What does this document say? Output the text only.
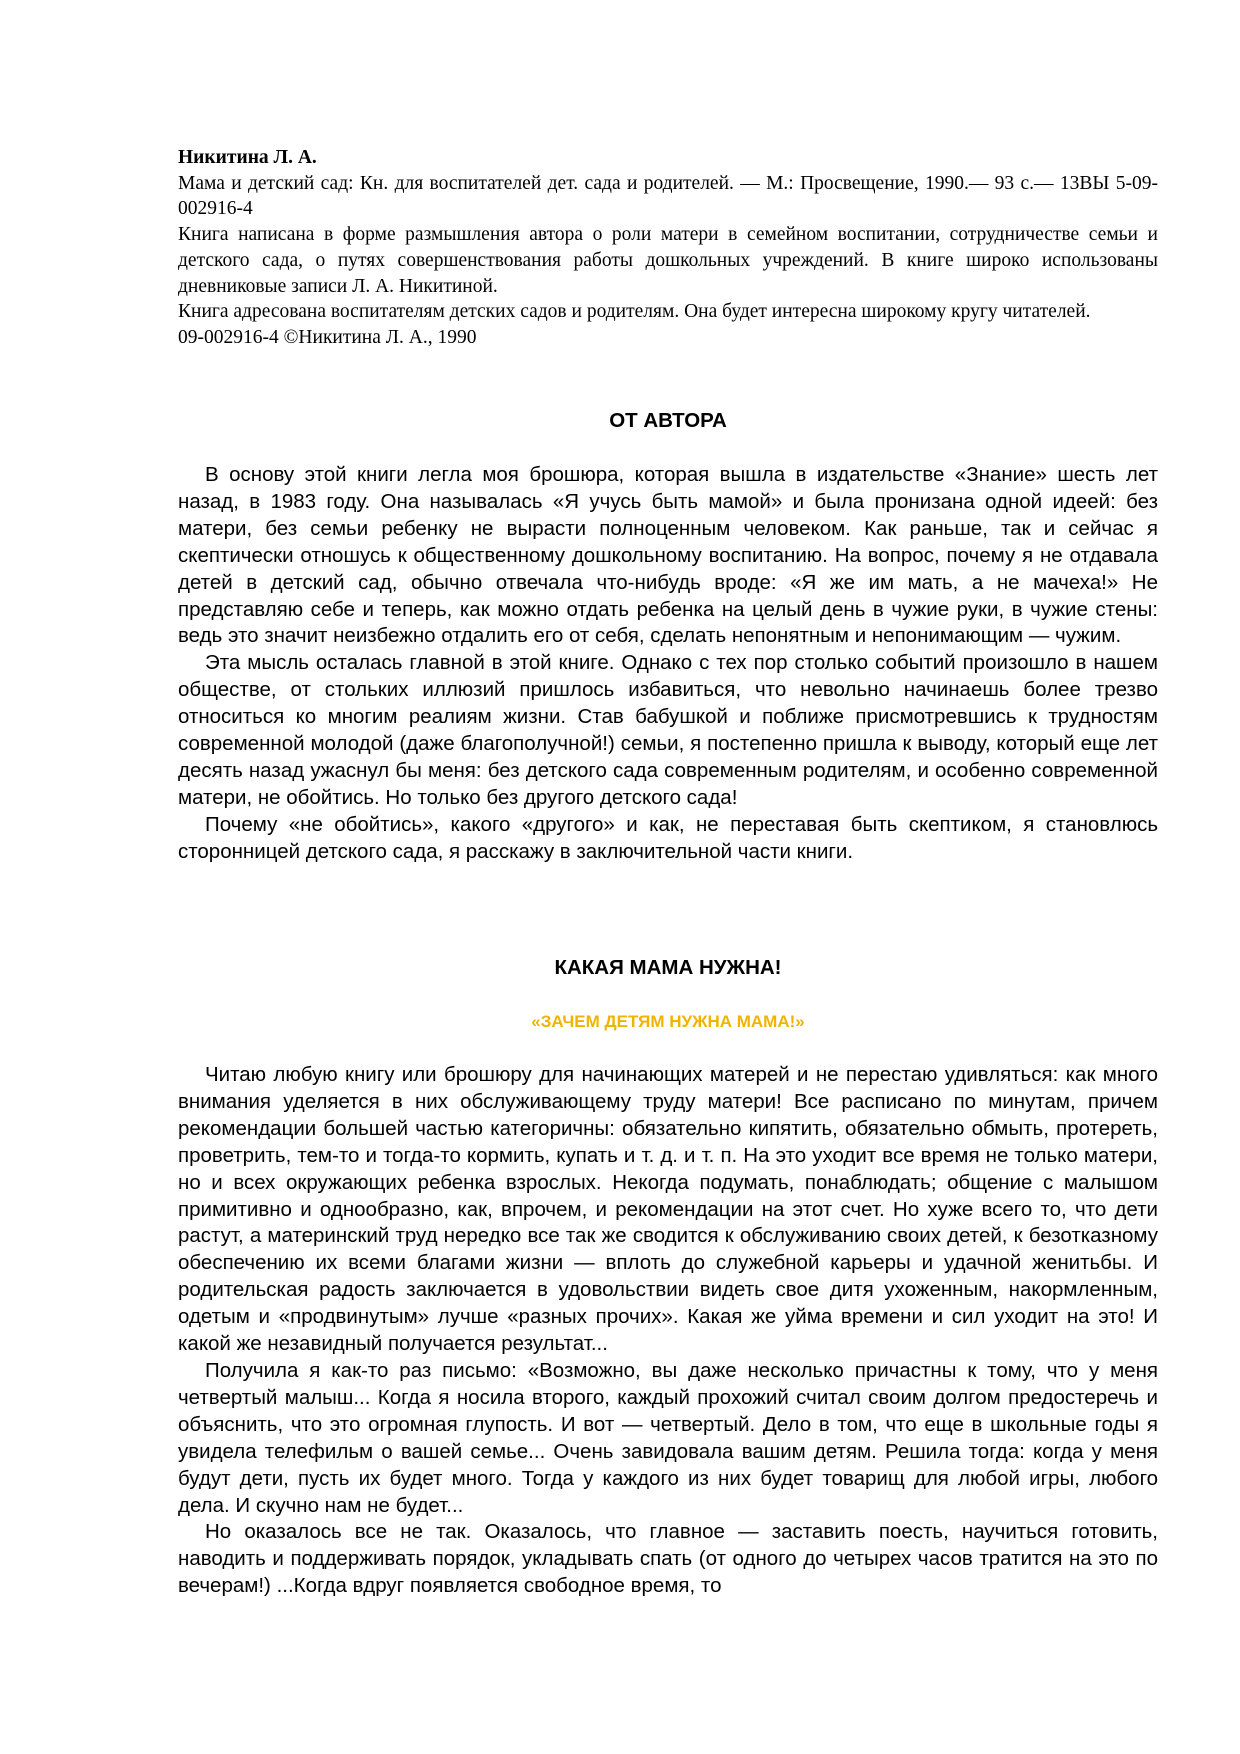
Никитина Л. А.

Мама и детский сад: Кн. для воспитателей дет. сада и родителей. — М.: Просвещение, 1990.— 93 с.— 13ВЫ 5-09-002916-4

Книга написана в форме размышления автора о роли матери в семейном воспитании, сотрудничестве семьи и детского сада, о путях совершенствования работы дошкольных учреждений. В книге широко использованы дневниковые записи Л. А. Никитиной.

Книга адресована воспитателям детских садов и родителям. Она будет интересна широкому кругу читателей.

09-002916-4 ©Никитина Л. А., 1990

ОТ АВТОРА

В основу этой книги легла моя брошюра, которая вышла в издательстве «Знание» шесть лет назад, в 1983 году. Она называлась «Я учусь быть мамой» и была пронизана одной идеей: без матери, без семьи ребенку не вырасти полноценным человеком. Как раньше, так и сейчас я скептически отношусь к общественному дошкольному воспитанию. На вопрос, почему я не отдавала детей в детский сад, обычно отвечала что-нибудь вроде: «Я же им мать, а не мачеха!» Не представляю себе и теперь, как можно отдать ребенка на целый день в чужие руки, в чужие стены: ведь это значит неизбежно отдалить его от себя, сделать непонятным и непонимающим — чужим.

Эта мысль осталась главной в этой книге. Однако с тех пор столько событий произошло в нашем обществе, от стольких иллюзий пришлось избавиться, что невольно начинаешь более трезво относиться ко многим реалиям жизни. Став бабушкой и поближе присмотревшись к трудностям современной молодой (даже благополучной!) семьи, я постепенно пришла к выводу, который еще лет десять назад ужаснул бы меня: без детского сада современным родителям, и особенно современной матери, не обойтись. Но только без другого детского сада!

Почему «не обойтись», какого «другого» и как, не переставая быть скептиком, я становлюсь сторонницей детского сада, я расскажу в заключительной части книги.

КАКАЯ МАМА НУЖНА!
«ЗАЧЕМ ДЕТЯМ НУЖНА МАМА!»

Читаю любую книгу или брошюру для начинающих матерей и не перестаю удивляться: как много внимания уделяется в них обслуживающему труду матери! Все расписано по минутам, причем рекомендации большей частью категоричны: обязательно кипятить, обязательно обмыть, протереть, проветрить, тем-то и тогда-то кормить, купать и т. д. и т. п. На это уходит все время не только матери, но и всех окружающих ребенка взрослых. Некогда подумать, понаблюдать; общение с малышом примитивно и однообразно, как, впрочем, и рекомендации на этот счет. Но хуже всего то, что дети растут, а материнский труд нередко все так же сводится к обслуживанию своих детей, к безотказному обеспечению их всеми благами жизни — вплоть до служебной карьеры и удачной женитьбы. И родительская радость заключается в удовольствии видеть свое дитя ухоженным, накормленным, одетым и «продвинутым» лучше «разных прочих». Какая же уйма времени и сил уходит на это! И какой же незавидный получается результат...

Получила я как-то раз письмо: «Возможно, вы даже несколько причастны к тому, что у меня четвертый малыш... Когда я носила второго, каждый прохожий считал своим долгом предостеречь и объяснить, что это огромная глупость. И вот — четвертый. Дело в том, что еще в школьные годы я увидела телефильм о вашей семье... Очень завидовала вашим детям. Решила тогда: когда у меня будут дети, пусть их будет много. Тогда у каждого из них будет товарищ для любой игры, любого дела. И скучно нам не будет...

Но оказалось все не так. Оказалось, что главное — заставить поесть, научиться готовить, наводить и поддерживать порядок, укладывать спать (от одного до четырех часов тратится на это по вечерам!) ...Когда вдруг появляется свободное время, то
